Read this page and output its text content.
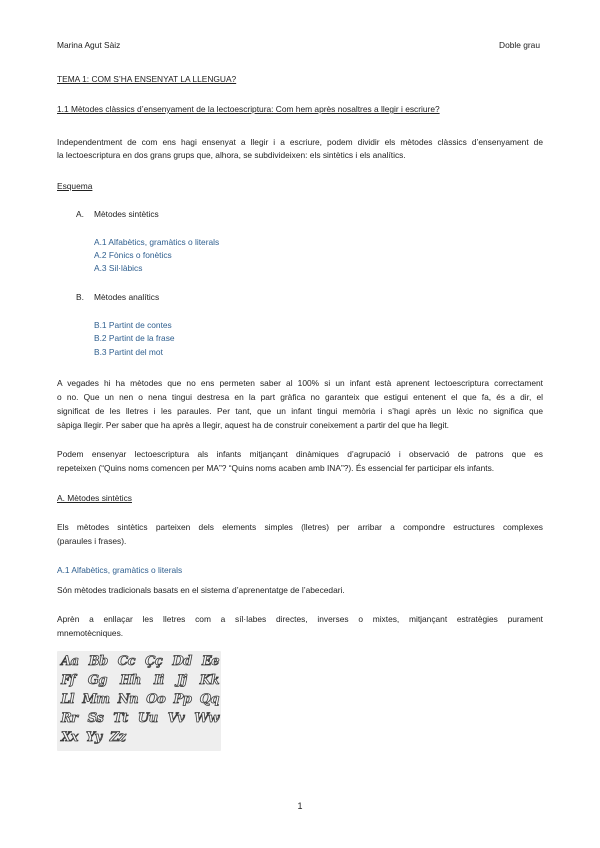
Marina Agut Sàiz	Doble grau

TEMA 1: COM S’HA ENSENYAT LA LLENGUA?

1.1 Mètodes clàssics d’ensenyament de la lectoescriptura: Com hem après nosaltres a llegir i escriure?

Independentment de com ens hagi ensenyat a llegir i a escriure, podem dividir els mètodes clàssics d’ensenyament de

la lectoescriptura en dos grans grups que, alhora, se subdivideixen: els sintètics i els analítics.

Esquema

A. Mètodes sintètics

A.1 Alfabètics, gramàtics o literals

A.2 Fònics o fonètics

A.3 Sil·làbics

B. Mètodes analítics

B.1 Partint de contes

B.2 Partint de la frase

B.3 Partint del mot

A vegades hi ha mètodes que no ens permeten saber al 100% si un infant està aprenent lectoescriptura correctament

o no. Que un nen o nena tingui destresa en la part gràfica no garanteix que estigui entenent el que fa, és a dir, el

significat de les lletres i les paraules. Per tant, que un infant tingui memòria i s’hagi après un lèxic no significa que

sàpiga llegir. Per saber que ha après a llegir, aquest ha de construir coneixement a partir del que ha llegit.

Podem ensenyar lectoescriptura als infants mitjançant dinàmiques d’agrupació i observació de patrons que es

repeteixen (“Quins noms comencen per MA”? “Quins noms acaben amb INA”?). És essencial fer participar els infants.

A. Mètodes sintètics

Els mètodes sintètics parteixen dels elements simples (lletres) per arribar a compondre estructures complexes

(paraules i frases).

A.1 Alfabètics, gramàtics o literals

Són mètodes tradicionals basats en el sistema d’aprenentatge de l’abecedari.

Aprèn a enllaçar les lletres com a síl·labes directes, inverses o mixtes, mitjançant estratègies purament

mnemotècniques.

Aa Bb Cc Çç Dd Ee
Ff Gg Hh Ii Jj Kk
Ll Mm Nn Oo Pp Qq
Rr Ss Tt Uu Vv Ww
Xx Yy Zz

1
